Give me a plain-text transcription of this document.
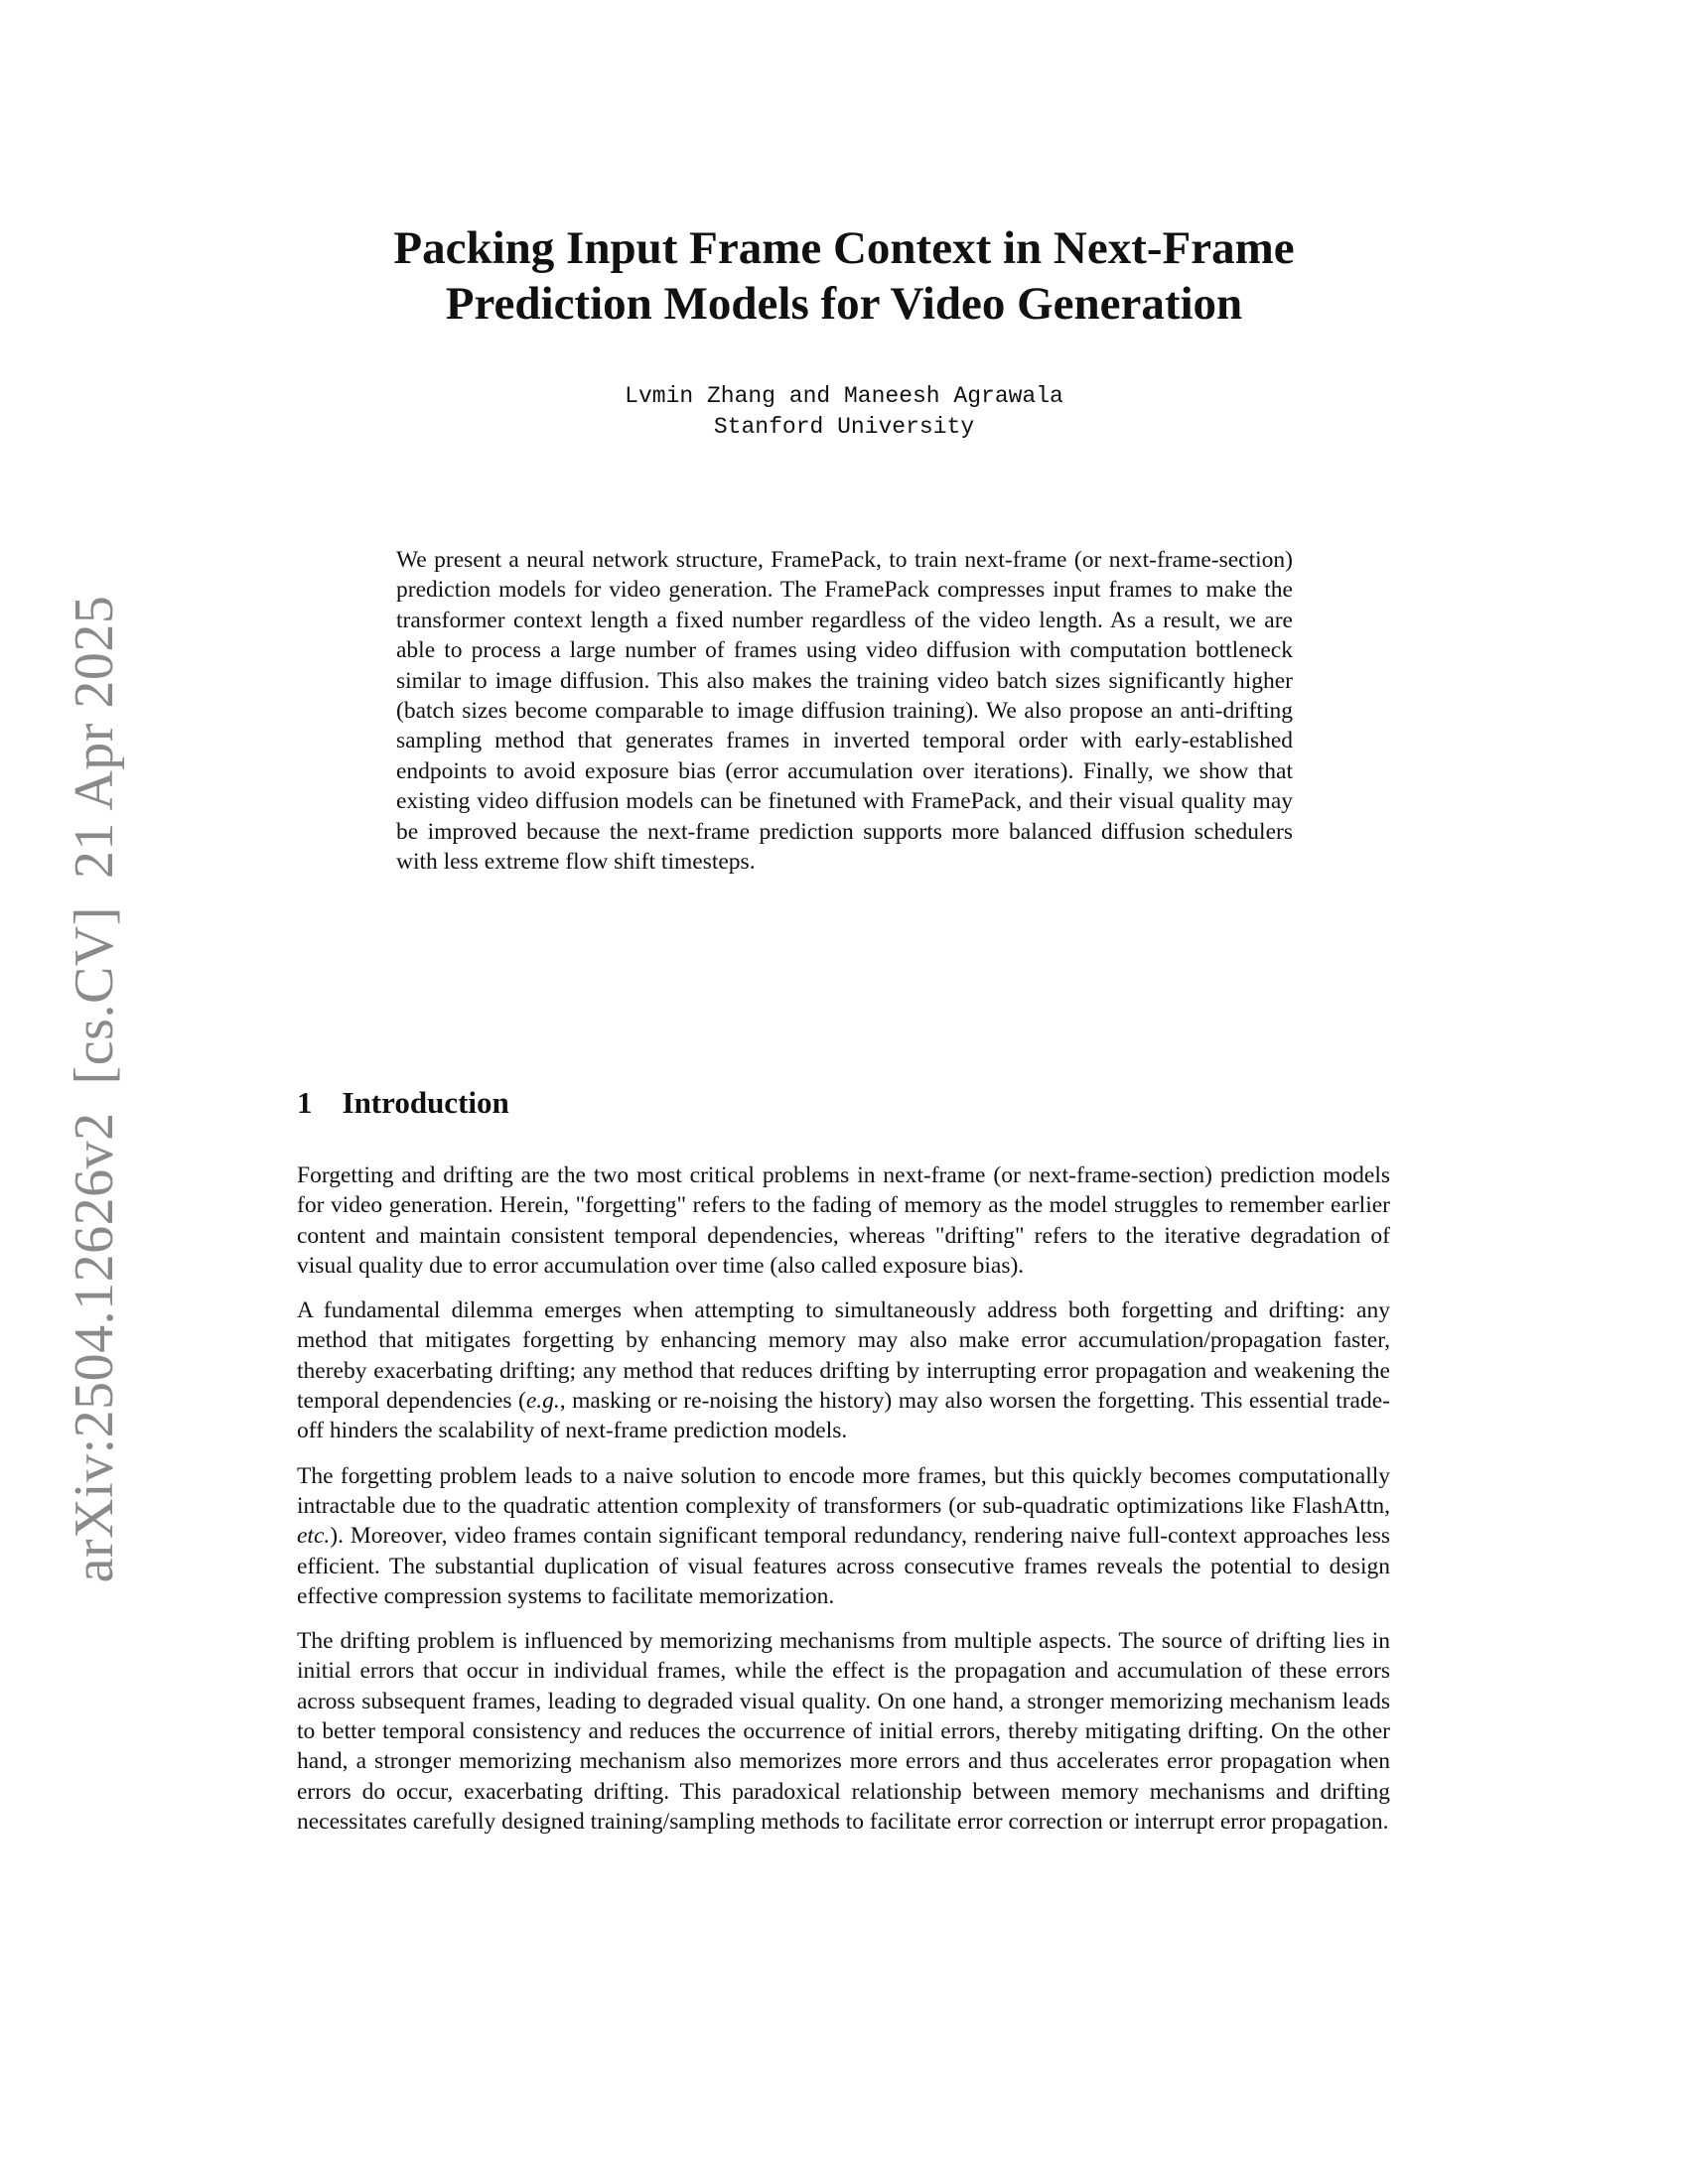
arXiv:2504.12626v2[cs.CV]21 Apr 2025
Packing Input Frame Context in Next-Frame
Prediction Models for Video Generation
Lvmin Zhang and Maneesh Agrawala
Stanford University

We present a neural network structure, FramePack, to train next-frame (or next-frame-section) prediction models for video generation. The FramePack compresses input frames to make the transformer context length a fixed number regardless of the video length. As a result, we are able to process a large number of frames using video diffusion with computation bottleneck similar to image diffusion. This also makes the training video batch sizes significantly higher (batch sizes become comparable to image diffusion training). We also propose an anti-drifting sampling method that generates frames in inverted temporal order with early-established endpoints to avoid exposure bias (error accumulation over iterations). Finally, we show that existing video diffusion models can be finetuned with FramePack, and their visual quality may be improved because the next-frame prediction supports more balanced diffusion schedulers with less extreme flow shift timesteps.

1 Introduction

Forgetting and drifting are the two most critical problems in next-frame (or next-frame-section) prediction models for video generation. Herein, "forgetting" refers to the fading of memory as the model struggles to remember earlier content and maintain consistent temporal dependencies, whereas "drifting" refers to the iterative degradation of visual quality due to error accumulation over time (also called exposure bias).

A fundamental dilemma emerges when attempting to simultaneously address both forgetting and drifting: any method that mitigates forgetting by enhancing memory may also make error accumulation/propagation faster, thereby exacerbating drifting; any method that reduces drifting by interrupting error propagation and weakening the temporal dependencies (e.g., masking or re-noising the history) may also worsen the forgetting. This essential trade-off hinders the scalability of next-frame prediction models.

The forgetting problem leads to a naive solution to encode more frames, but this quickly becomes computationally intractable due to the quadratic attention complexity of transformers (or sub-quadratic optimizations like FlashAttn, etc.). Moreover, video frames contain significant temporal redundancy, rendering naive full-context approaches less efficient. The substantial duplication of visual features across consecutive frames reveals the potential to design effective compression systems to facilitate memorization.

The drifting problem is influenced by memorizing mechanisms from multiple aspects. The source of drifting lies in initial errors that occur in individual frames, while the effect is the propagation and accumulation of these errors across subsequent frames, leading to degraded visual quality. On one hand, a stronger memorizing mechanism leads to better temporal consistency and reduces the occurrence of initial errors, thereby mitigating drifting. On the other hand, a stronger memorizing mechanism also memorizes more errors and thus accelerates error propagation when errors do occur, exacerbating drifting. This paradoxical relationship between memory mechanisms and drifting necessitates carefully designed training/sampling methods to facilitate error correction or interrupt error propagation.
